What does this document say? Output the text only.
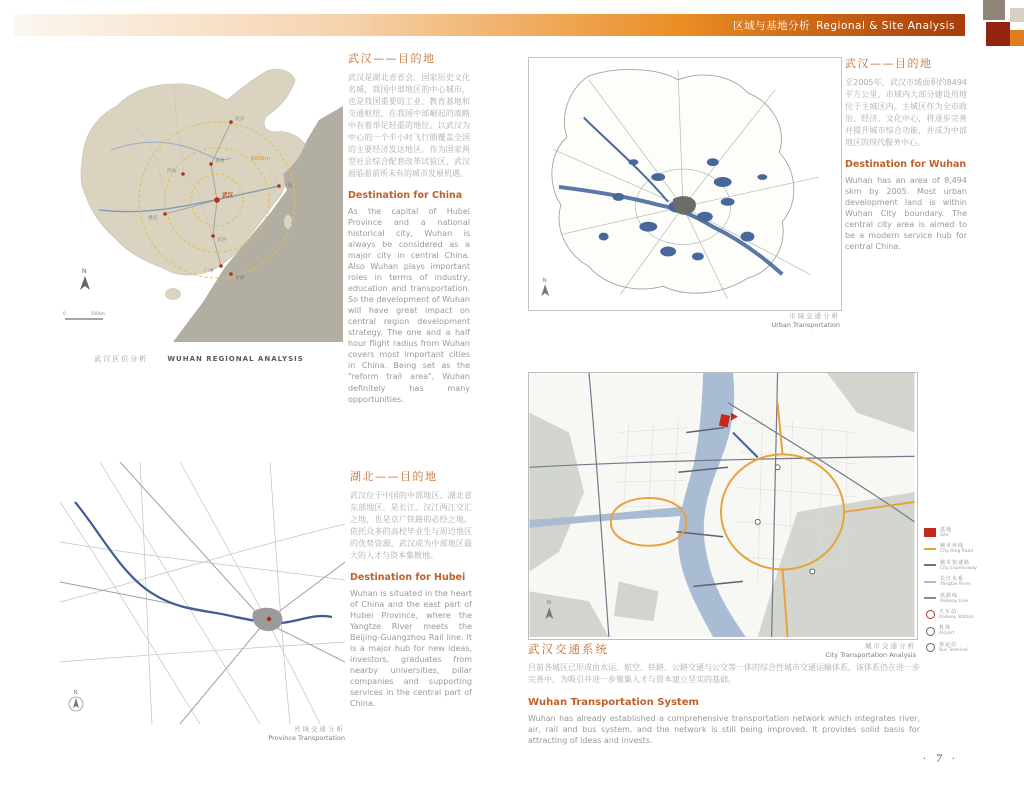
区域与基地分析 Regional & Site Analysis
600km
北京
西安
郑州
上海
重庆
武汉
长沙
广州
香港
N
0	500km
武汉区位分析	WUHAN REGIONAL ANALYSIS
武汉——目的地

武汉是湖北省省会、国家历史文化名城，我国中部地区的中心城市，也是我国重要的工业、教育基地和交通枢纽，在我国中部崛起的战略中有着举足轻重的地位。以武汉为中心的一个半小时飞行圈覆盖全国的主要经济发达地区。作为国家两型社会综合配套改革试验区，武汉面临着前所未有的城市发展机遇。

Destination for China

As the capital of Hubei Province and a national historical city, Wuhan is always be considered as a major city in central China. Also Wuhan plays important roles in terms of industry, education and transportation. So the development of Wuhan will have great impact on central region development strategy. The one and a half hour flight radius from Wuhan covers most important cities in China. Being set as the "reform trail area", Wuhan definitely has many opportunities.

N
市域交通分析
Urban Transportation
武汉——目的地

至2005年，武汉市域面积约8494平方公里，市域内大部分建设用地位于主城区内。主城区作为全市政治、经济、文化中心，将逐步完善并提升城市综合功能，并成为中部地区的现代服务中心。

Destination for Wuhan

Wuhan has an area of 8,494 skm by 2005. Most urban development land is within Wuhan City boundary. The central city area is aimed to be a modern service hub for central China.

N
省域交通分析
Province Transportation
湖北——目的地

武汉位于中国的中部地区、湖北省东部地区，是长江、汉江两江交汇之地，也是京广铁路的必经之地。依托众多的高校毕业生与周边地区的优势资源，武汉成为中部地区最大的人才与资本集散地。

Destination for Hubei

Wuhan is situated in the heart of China and the east part of Hubei Province, where the Yangtze River meets the Beijing-Guangzhou Rail line. It is a major hub for new ideas, investors, graduates from nearby universities, pillar companies and supporting services in the central part of China.

N
基地
Site
城市环线
City Ring Road
城市快速路
City Expressway
长江水系
Yangtze River
铁路线
Railway Line
火车站
Railway Station
机场
Airport
客运站
Bus Terminal
城市交通分析
City Transportation Analysis
武汉交通系统

目前各城区已形成由水运、航空、铁路、公路交通与公交等一体的综合性城市交通运输体系，该体系仍在进一步完善中，为吸引并进一步聚集人才与资本建立坚实的基础。

Wuhan Transportation System

Wuhan has already established a comprehensive transportation network which integrates river, air, rail and bus system, and the network is still being improved. It provides solid basis for attracting of ideas and invests.

· 7 ·
